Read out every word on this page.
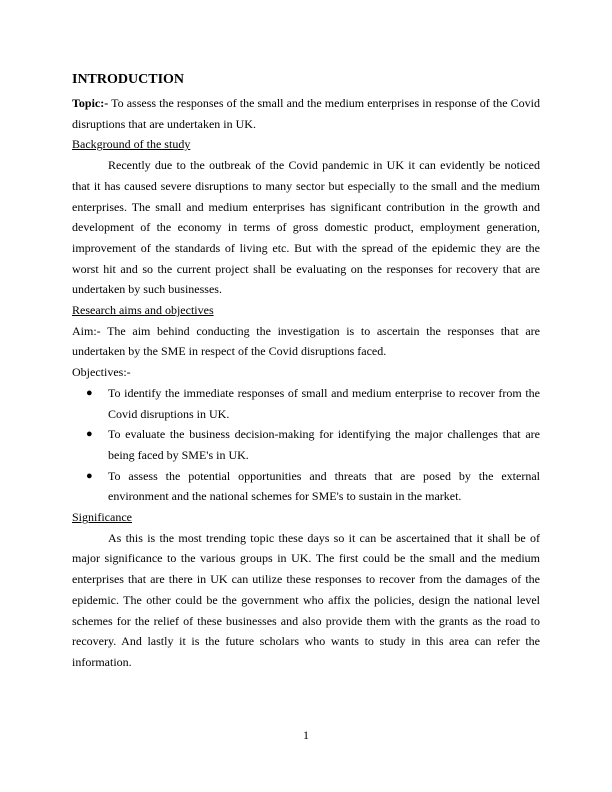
INTRODUCTION

Topic:- To assess the responses of the small and the medium enterprises in response of the Covid disruptions that are undertaken in UK.

Background of the study

Recently due to the outbreak of the Covid pandemic in UK it can evidently be noticed that it has caused severe disruptions to many sector but especially to the small and the medium enterprises. The small and medium enterprises has significant contribution in the growth and development of the economy in terms of gross domestic product, employment generation, improvement of the standards of living etc. But with the spread of the epidemic they are the worst hit and so the current project shall be evaluating on the responses for recovery that are undertaken by such businesses.

Research aims and objectives

Aim:- The aim behind conducting the investigation is to ascertain the responses that are undertaken by the SME in respect of the Covid disruptions faced.

Objectives:-

● To identify the immediate responses of small and medium enterprise to recover from the Covid disruptions in UK.
● To evaluate the business decision-making for identifying the major challenges that are being faced by SME's in UK.
● To assess the potential opportunities and threats that are posed by the external environment and the national schemes for SME's to sustain in the market.

Significance

As this is the most trending topic these days so it can be ascertained that it shall be of major significance to the various groups in UK. The first could be the small and the medium enterprises that are there in UK can utilize these responses to recover from the damages of the epidemic. The other could be the government who affix the policies, design the national level schemes for the relief of these businesses and also provide them with the grants as the road to recovery. And lastly it is the future scholars who wants to study in this area can refer the information.

1
